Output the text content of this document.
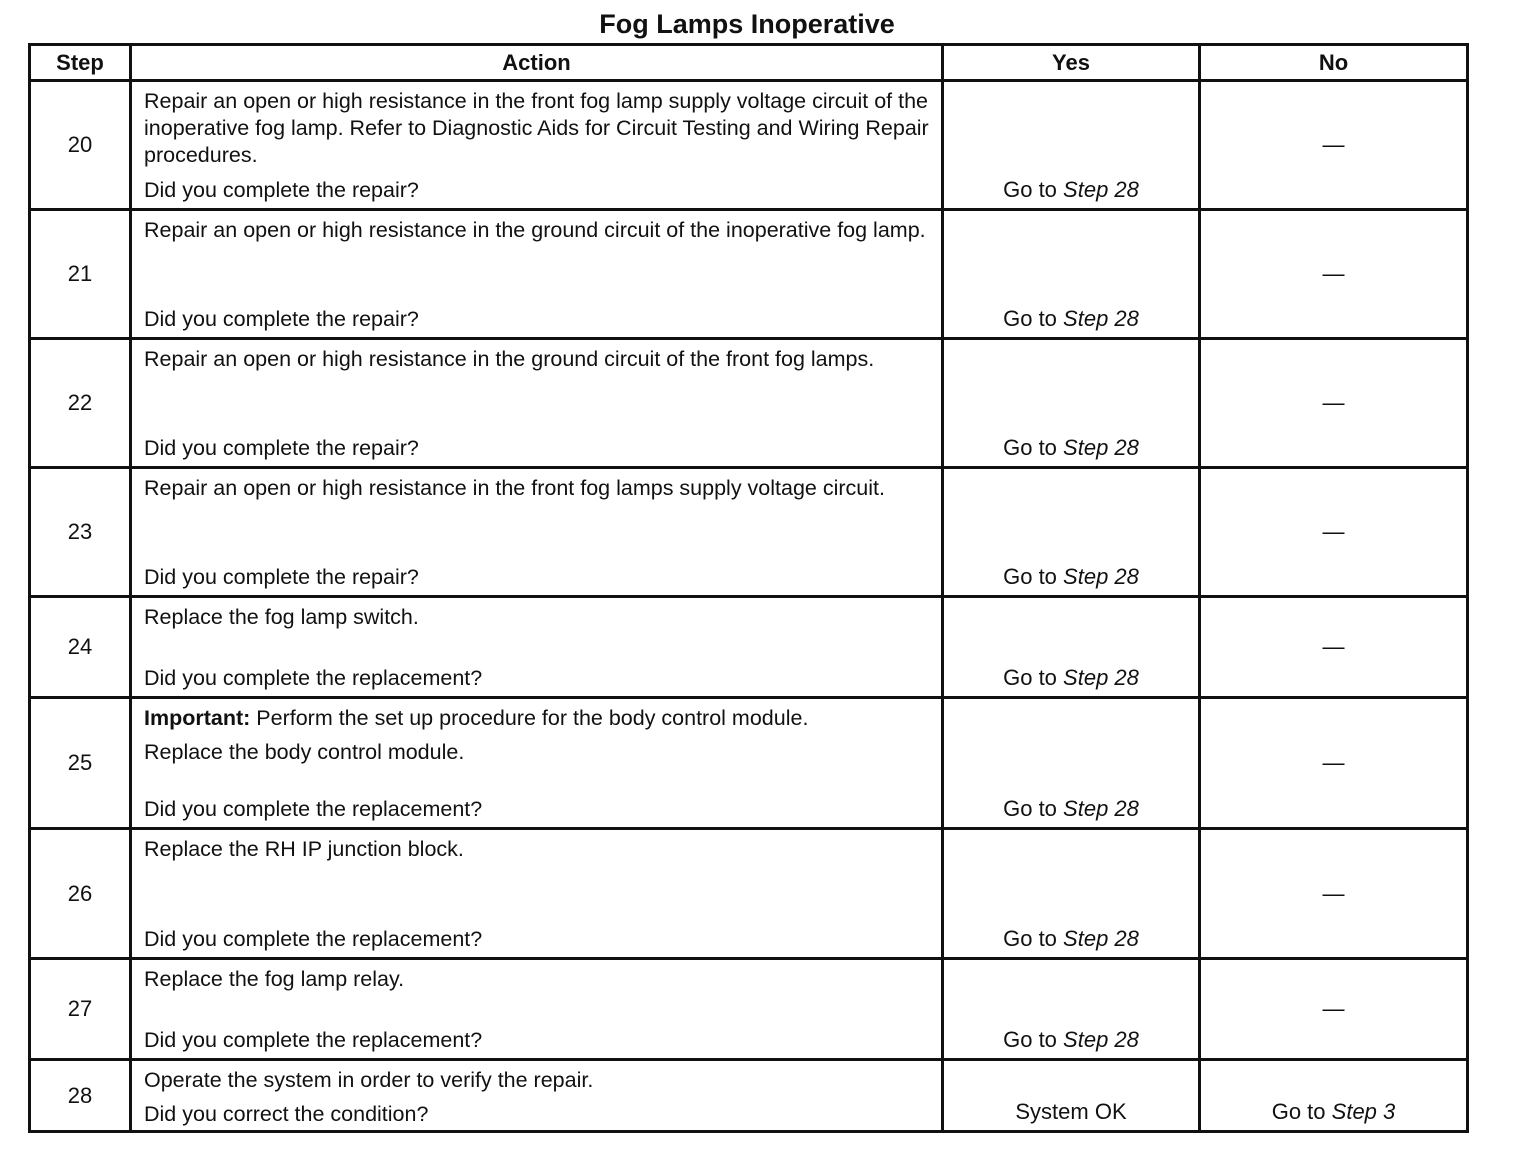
Fog Lamps Inoperative
Step	Action	Yes	No
20	Repair an open or high resistance in the front fog lamp supply voltage circuit of the inoperative fog lamp. Refer to Diagnostic Aids for Circuit Testing and Wiring Repair procedures.

Did you complete the repair?	Go to Step 28	—
21	Repair an open or high resistance in the ground circuit of the inoperative fog lamp.

Did you complete the repair?	Go to Step 28	—
22	Repair an open or high resistance in the ground circuit of the front fog lamps.

Did you complete the repair?	Go to Step 28	—
23	Repair an open or high resistance in the front fog lamps supply voltage circuit.

Did you complete the repair?	Go to Step 28	—
24	Replace the fog lamp switch.

Did you complete the replacement?	Go to Step 28	—
25	Important: Perform the set up procedure for the body control module.

Replace the body control module.

Did you complete the replacement?	Go to Step 28	—
26	Replace the RH IP junction block.

Did you complete the replacement?	Go to Step 28	—
27	Replace the fog lamp relay.

Did you complete the replacement?	Go to Step 28	—
28	Operate the system in order to verify the repair.

Did you correct the condition?	System OK	Go to Step 3
